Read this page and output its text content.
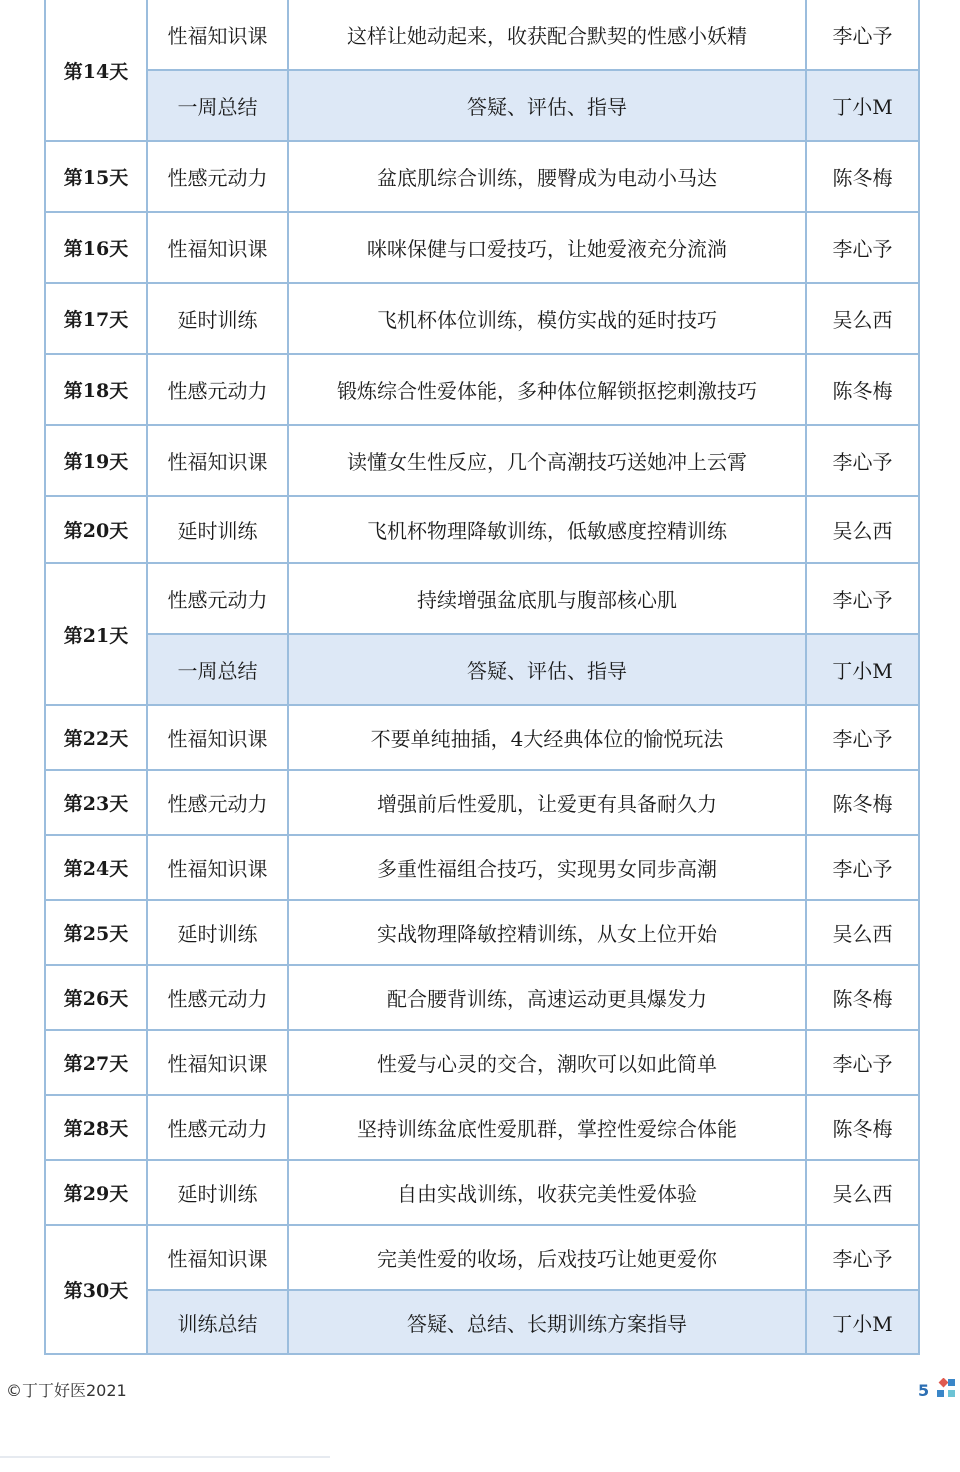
第14天	性福知识课	这样让她动起来，收获配合默契的性感小妖精	李心予
	一周总结	答疑、评估、指导	丁小M
第15天	性感元动力	盆底肌综合训练，腰臀成为电动小马达	陈冬梅
第16天	性福知识课	咪咪保健与口爱技巧，让她爱液充分流淌	李心予
第17天	延时训练	飞机杯体位训练，模仿实战的延时技巧	吴么西
第18天	性感元动力	锻炼综合性爱体能，多种体位解锁抠挖刺激技巧	陈冬梅
第19天	性福知识课	读懂女生性反应，几个高潮技巧送她冲上云霄	李心予
第20天	延时训练	飞机杯物理降敏训练，低敏感度控精训练	吴么西
第21天	性感元动力	持续增强盆底肌与腹部核心肌	李心予
	一周总结	答疑、评估、指导	丁小M
第22天	性福知识课	不要单纯抽插，4大经典体位的愉悦玩法	李心予
第23天	性感元动力	增强前后性爱肌，让爱更有具备耐久力	陈冬梅
第24天	性福知识课	多重性福组合技巧，实现男女同步高潮	李心予
第25天	延时训练	实战物理降敏控精训练，从女上位开始	吴么西
第26天	性感元动力	配合腰背训练，高速运动更具爆发力	陈冬梅
第27天	性福知识课	性爱与心灵的交合，潮吹可以如此简单	李心予
第28天	性感元动力	坚持训练盆底性爱肌群，掌控性爱综合体能	陈冬梅
第29天	延时训练	自由实战训练，收获完美性爱体验	吴么西
第30天	性福知识课	完美性爱的收场，后戏技巧让她更爱你	李心予
	训练总结	答疑、总结、长期训练方案指导	丁小M
©丁丁好医2021	5
